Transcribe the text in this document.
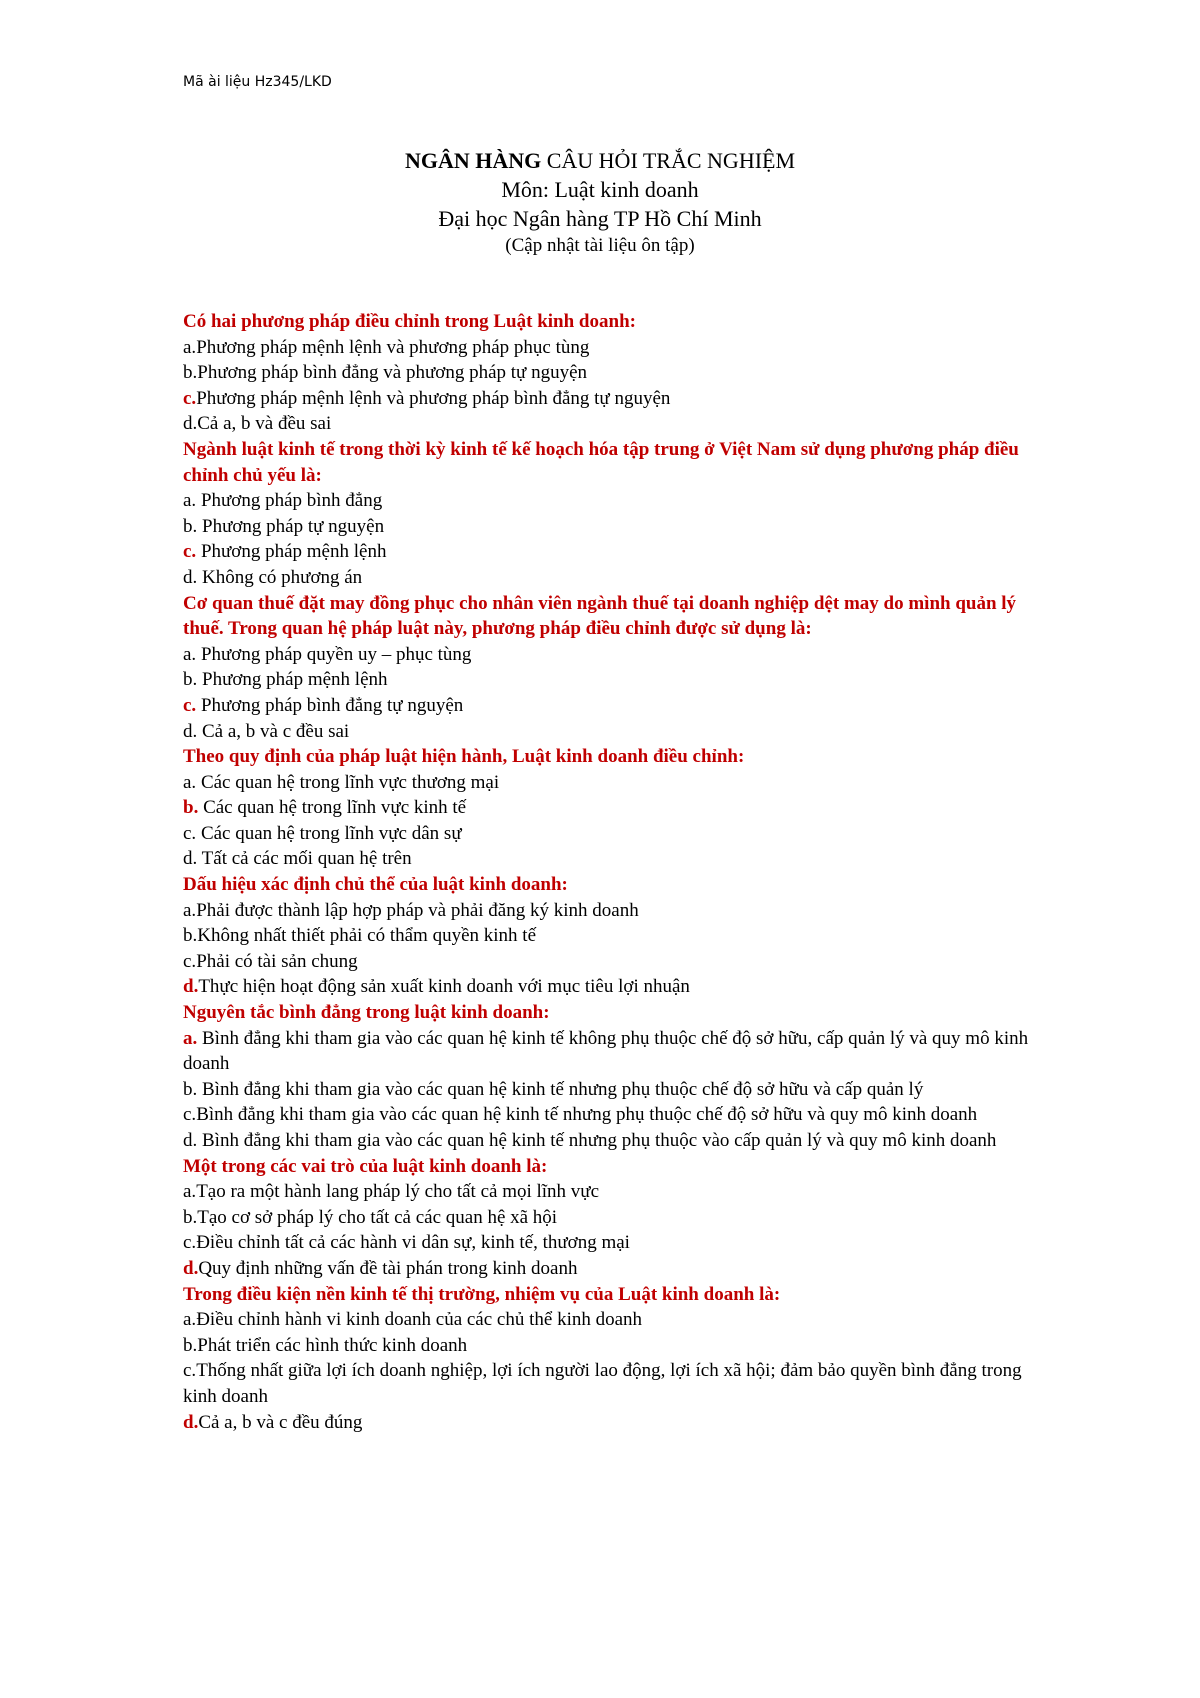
Mã ài liệu Hz345/LKD
NGÂN HÀNG CÂU HỎI TRẮC NGHIỆM
Môn: Luật kinh doanh
Đại học Ngân hàng TP Hồ Chí Minh
(Cập nhật tài liệu ôn tập)

Có hai phương pháp điều chỉnh trong Luật kinh doanh:

a.Phương pháp mệnh lệnh và phương pháp phục tùng

b.Phương pháp bình đẳng và phương pháp tự nguyện

c.Phương pháp mệnh lệnh và phương pháp bình đẳng tự nguyện

d.Cả a, b và đều sai

Ngành luật kinh tế trong thời kỳ kinh tế kế hoạch hóa tập trung ở Việt Nam sử dụng phương pháp điều chỉnh chủ yếu là:

a. Phương pháp bình đẳng

b. Phương pháp tự nguyện

c. Phương pháp mệnh lệnh

d. Không có phương án

Cơ quan thuế đặt may đồng phục cho nhân viên ngành thuế tại doanh nghiệp dệt may do mình quản lý thuế. Trong quan hệ pháp luật này, phương pháp điều chỉnh được sử dụng là:

a. Phương pháp quyền uy – phục tùng

b. Phương pháp mệnh lệnh

c. Phương pháp bình đẳng tự nguyện

d. Cả a, b và c đều sai

Theo quy định của pháp luật hiện hành, Luật kinh doanh điều chỉnh:

a. Các quan hệ trong lĩnh vực thương mại

b. Các quan hệ trong lĩnh vực kinh tế

c. Các quan hệ trong lĩnh vực dân sự

d. Tất cả các mối quan hệ trên

Dấu hiệu xác định chủ thể của luật kinh doanh:

a.Phải được thành lập hợp pháp và phải đăng ký kinh doanh

b.Không nhất thiết phải có thẩm quyền kinh tế

c.Phải có tài sản chung

d.Thực hiện hoạt động sản xuất kinh doanh với mục tiêu lợi nhuận

Nguyên tắc bình đẳng trong luật kinh doanh:

a. Bình đẳng khi tham gia vào các quan hệ kinh tế không phụ thuộc chế độ sở hữu, cấp quản lý và quy mô kinh doanh

b. Bình đẳng khi tham gia vào các quan hệ kinh tế nhưng phụ thuộc chế độ sở hữu và cấp quản lý

c.Bình đẳng khi tham gia vào các quan hệ kinh tế nhưng phụ thuộc chế độ sở hữu và quy mô kinh doanh

d. Bình đẳng khi tham gia vào các quan hệ kinh tế nhưng phụ thuộc vào cấp quản lý và quy mô kinh doanh

Một trong các vai trò của luật kinh doanh là:

a.Tạo ra một hành lang pháp lý cho tất cả mọi lĩnh vực

b.Tạo cơ sở pháp lý cho tất cả các quan hệ xã hội

c.Điều chỉnh tất cả các hành vi dân sự, kinh tế, thương mại

d.Quy định những vấn đề tài phán trong kinh doanh

Trong điều kiện nền kinh tế thị trường, nhiệm vụ của Luật kinh doanh là:

a.Điều chỉnh hành vi kinh doanh của các chủ thể kinh doanh

b.Phát triển các hình thức kinh doanh

c.Thống nhất giữa lợi ích doanh nghiệp, lợi ích người lao động, lợi ích xã hội; đảm bảo quyền bình đẳng trong kinh doanh

d.Cả a, b và c đều đúng
